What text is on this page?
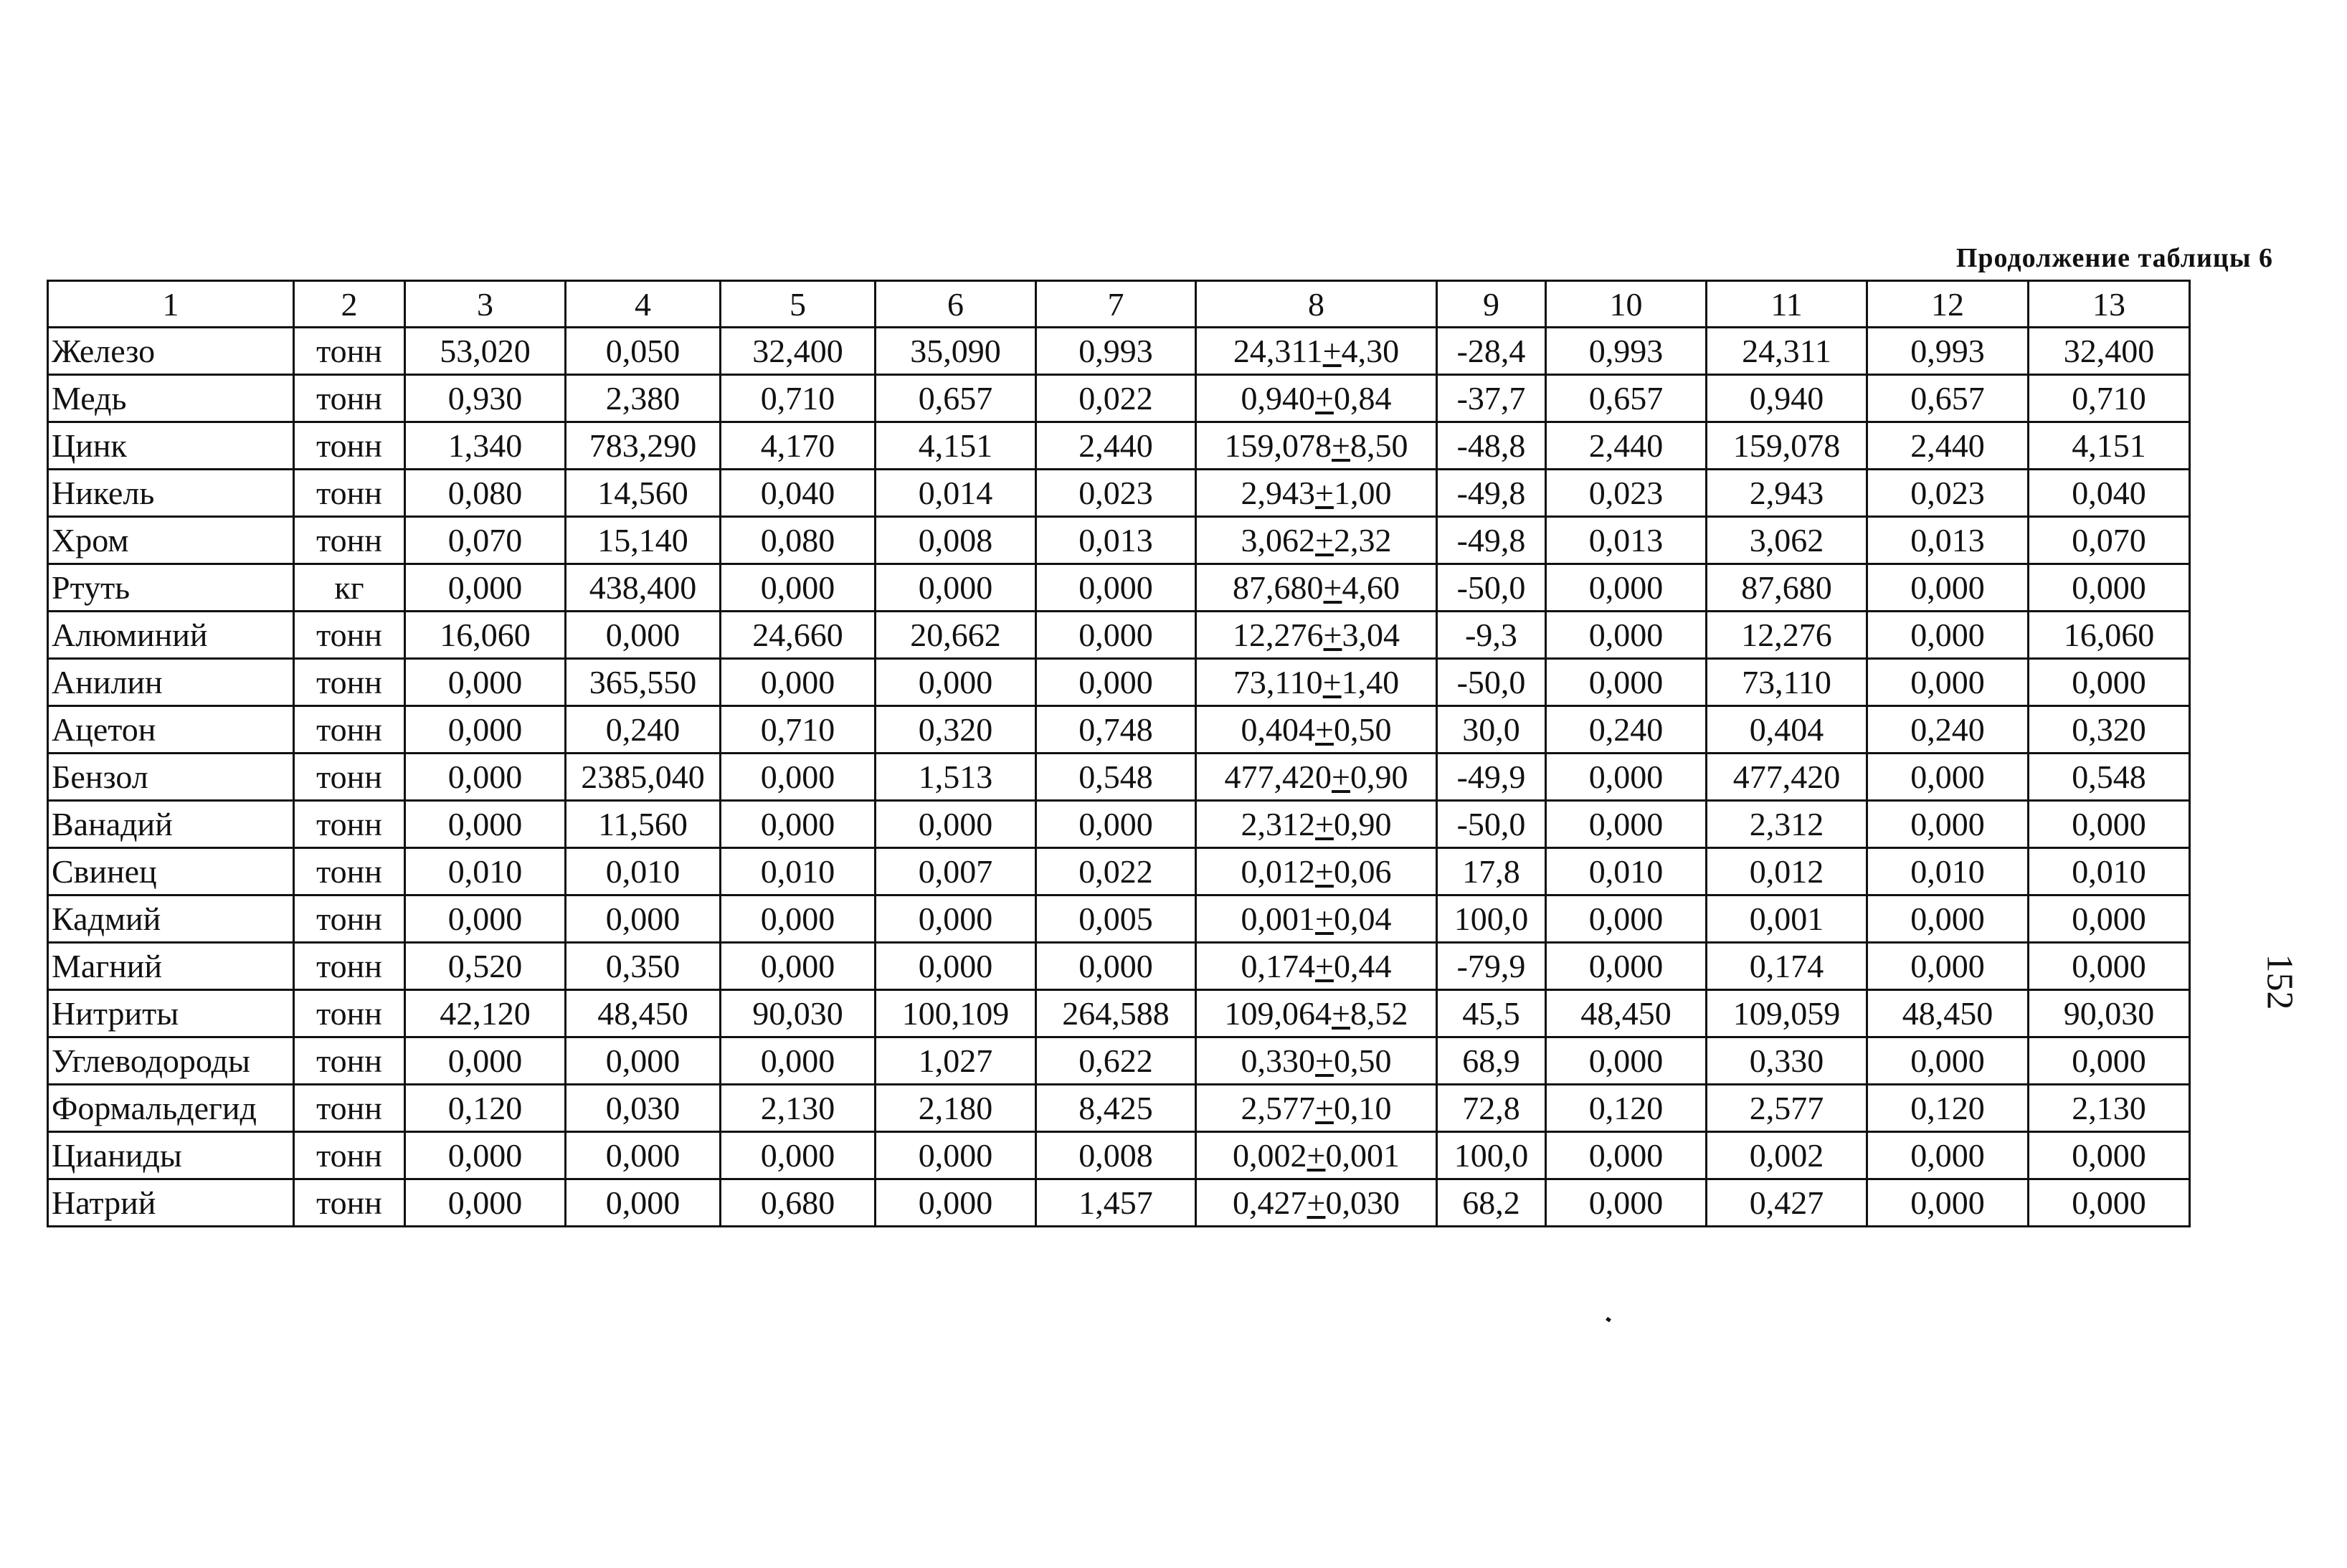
Продолжение таблицы 6
1	2	3	4	5	6	7	8	9	10	11	12	13
Железо	тонн	53,020	0,050	32,400	35,090	0,993	24,311+4,30	-28,4	0,993	24,311	0,993	32,400
Медь	тонн	0,930	2,380	0,710	0,657	0,022	0,940+0,84	-37,7	0,657	0,940	0,657	0,710
Цинк	тонн	1,340	783,290	4,170	4,151	2,440	159,078+8,50	-48,8	2,440	159,078	2,440	4,151
Никель	тонн	0,080	14,560	0,040	0,014	0,023	2,943+1,00	-49,8	0,023	2,943	0,023	0,040
Хром	тонн	0,070	15,140	0,080	0,008	0,013	3,062+2,32	-49,8	0,013	3,062	0,013	0,070
Ртуть	кг	0,000	438,400	0,000	0,000	0,000	87,680+4,60	-50,0	0,000	87,680	0,000	0,000
Алюминий	тонн	16,060	0,000	24,660	20,662	0,000	12,276+3,04	-9,3	0,000	12,276	0,000	16,060
Анилин	тонн	0,000	365,550	0,000	0,000	0,000	73,110+1,40	-50,0	0,000	73,110	0,000	0,000
Ацетон	тонн	0,000	0,240	0,710	0,320	0,748	0,404+0,50	30,0	0,240	0,404	0,240	0,320
Бензол	тонн	0,000	2385,040	0,000	1,513	0,548	477,420+0,90	-49,9	0,000	477,420	0,000	0,548
Ванадий	тонн	0,000	11,560	0,000	0,000	0,000	2,312+0,90	-50,0	0,000	2,312	0,000	0,000
Свинец	тонн	0,010	0,010	0,010	0,007	0,022	0,012+0,06	17,8	0,010	0,012	0,010	0,010
Кадмий	тонн	0,000	0,000	0,000	0,000	0,005	0,001+0,04	100,0	0,000	0,001	0,000	0,000
Магний	тонн	0,520	0,350	0,000	0,000	0,000	0,174+0,44	-79,9	0,000	0,174	0,000	0,000
Нитриты	тонн	42,120	48,450	90,030	100,109	264,588	109,064+8,52	45,5	48,450	109,059	48,450	90,030
Углеводороды	тонн	0,000	0,000	0,000	1,027	0,622	0,330+0,50	68,9	0,000	0,330	0,000	0,000
Формальдегид	тонн	0,120	0,030	2,130	2,180	8,425	2,577+0,10	72,8	0,120	2,577	0,120	2,130
Цианиды	тонн	0,000	0,000	0,000	0,000	0,008	0,002+0,001	100,0	0,000	0,002	0,000	0,000
Натрий	тонн	0,000	0,000	0,680	0,000	1,457	0,427+0,030	68,2	0,000	0,427	0,000	0,000
152
